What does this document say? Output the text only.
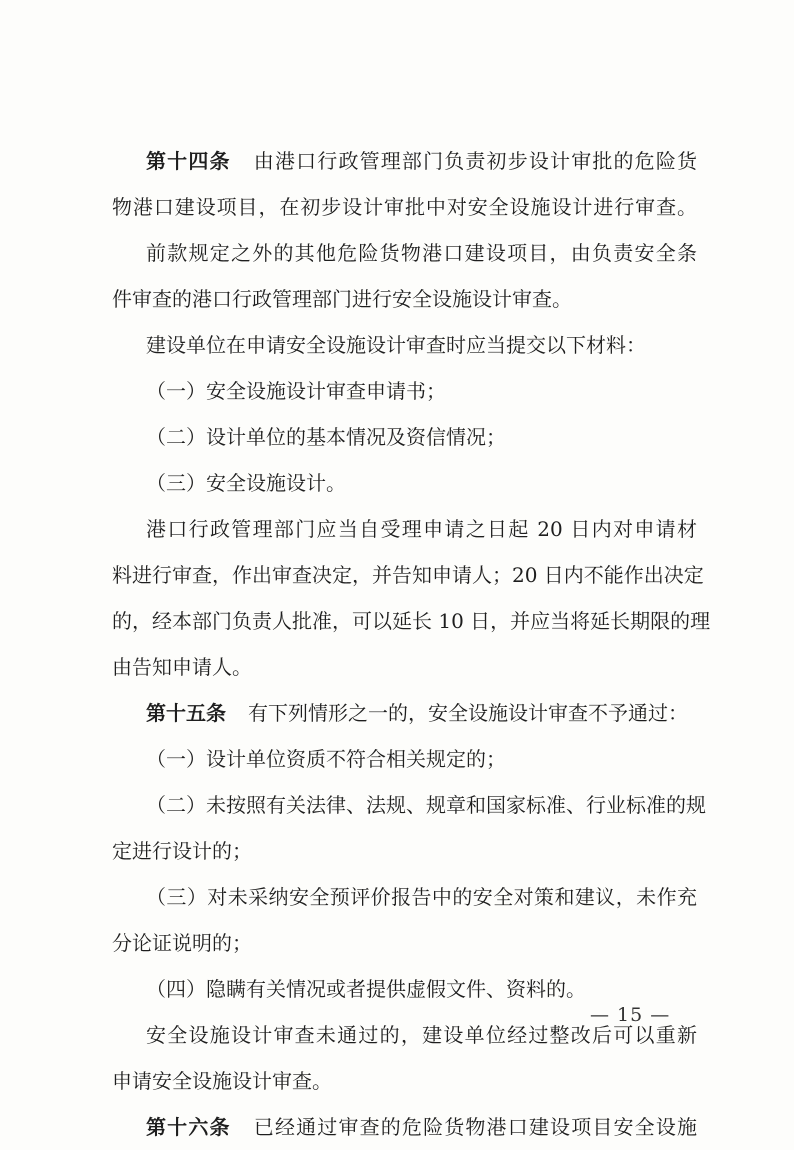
第十四条 由港口行政管理部门负责初步设计审批的危险货
物港口建设项目，在初步设计审批中对安全设施设计进行审查。
前款规定之外的其他危险货物港口建设项目，由负责安全条
件审查的港口行政管理部门进行安全设施设计审查。
建设单位在申请安全设施设计审查时应当提交以下材料：
（一）安全设施设计审查申请书；
（二）设计单位的基本情况及资信情况；
（三）安全设施设计。
港口行政管理部门应当自受理申请之日起 20 日内对申请材
料进行审查，作出审查决定，并告知申请人；20 日内不能作出决定
的，经本部门负责人批准，可以延长 10 日，并应当将延长期限的理
由告知申请人。
第十五条 有下列情形之一的，安全设施设计审查不予通过：
（一）设计单位资质不符合相关规定的；
（二）未按照有关法律、法规、规章和国家标准、行业标准的规
定进行设计的；
（三）对未采纳安全预评价报告中的安全对策和建议，未作充
分论证说明的；
（四）隐瞒有关情况或者提供虚假文件、资料的。
安全设施设计审查未通过的，建设单位经过整改后可以重新
申请安全设施设计审查。
第十六条 已经通过审查的危险货物港口建设项目安全设施
— 15 —
